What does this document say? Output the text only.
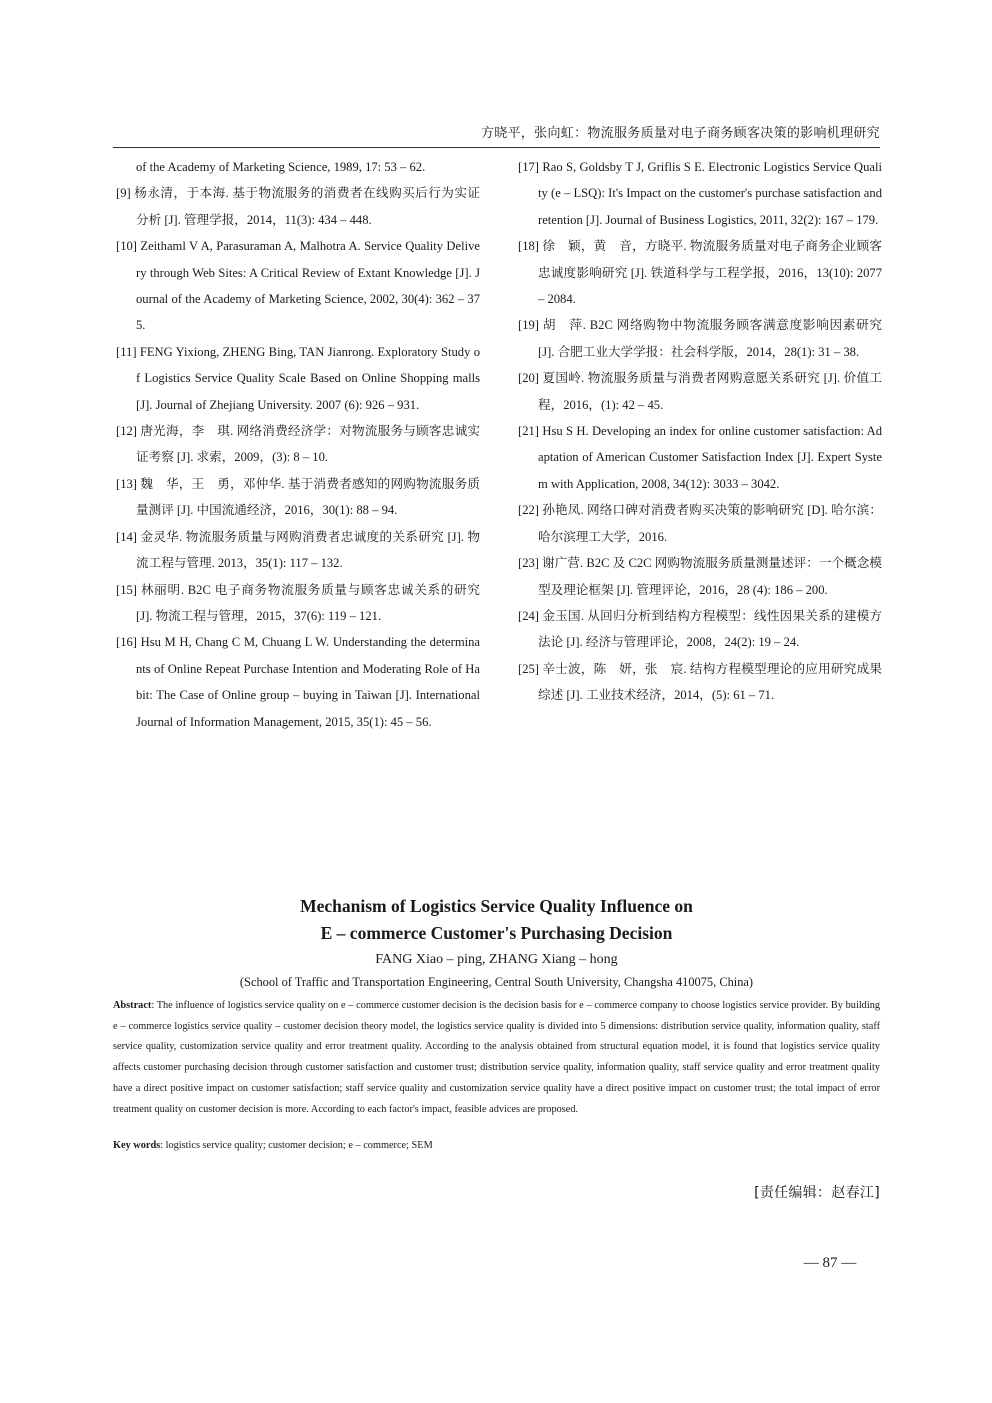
方晓平，张向虹：物流服务质量对电子商务顾客决策的影响机理研究
of the Academy of Marketing Science, 1989, 17: 53 – 62.
[9] 杨永清，于本海. 基于物流服务的消费者在线购买后行为实证分析 [J]. 管理学报，2014，11(3): 434 – 448.
[10] Zeithaml V A, Parasuraman A, Malhotra A. Service Quality Delivery through Web Sites: A Critical Review of Extant Knowledge [J]. Journal of the Academy of Marketing Science, 2002, 30(4): 362 – 375.
[11] FENG Yixiong, ZHENG Bing, TAN Jianrong. Exploratory Study of Logistics Service Quality Scale Based on Online Shopping malls [J]. Journal of Zhejiang University. 2007 (6): 926 – 931.
[12] 唐光海，李　琪. 网络消费经济学：对物流服务与顾客忠诚实证考察 [J]. 求索，2009，(3): 8 – 10.
[13] 魏　华，王　勇，邓仲华. 基于消费者感知的网购物流服务质量测评 [J]. 中国流通经济，2016，30(1): 88 – 94.
[14] 金灵华. 物流服务质量与网购消费者忠诚度的关系研究 [J]. 物流工程与管理. 2013，35(1): 117 – 132.
[15] 林丽明. B2C 电子商务物流服务质量与顾客忠诚关系的研究 [J]. 物流工程与管理，2015，37(6): 119 – 121.
[16] Hsu M H, Chang C M, Chuang L W. Understanding the determinants of Online Repeat Purchase Intention and Moderating Role of Habit: The Case of Online group – buying in Taiwan [J]. International Journal of Information Management, 2015, 35(1): 45 – 56.
[17] Rao S, Goldsby T J, Griflis S E. Electronic Logistics Service Quality (e – LSQ): It's Impact on the customer's purchase satisfaction and retention [J]. Journal of Business Logistics, 2011, 32(2): 167 – 179.
[18] 徐　颖，黄　音，方晓平. 物流服务质量对电子商务企业顾客忠诚度影响研究 [J]. 铁道科学与工程学报，2016，13(10): 2077 – 2084.
[19] 胡　萍. B2C 网络购物中物流服务顾客满意度影响因素研究 [J]. 合肥工业大学学报：社会科学版，2014，28(1): 31 – 38.
[20] 夏国岭. 物流服务质量与消费者网购意愿关系研究 [J]. 价值工程，2016，(1): 42 – 45.
[21] Hsu S H. Developing an index for online customer satisfaction: Adaptation of American Customer Satisfaction Index [J]. Expert System with Application, 2008, 34(12): 3033 – 3042.
[22] 孙艳凤. 网络口碑对消费者购买决策的影响研究 [D]. 哈尔滨：哈尔滨理工大学，2016.
[23] 谢广营. B2C 及 C2C 网购物流服务质量测量述评：一个概念模型及理论框架 [J]. 管理评论，2016，28 (4): 186 – 200.
[24] 金玉国. 从回归分析到结构方程模型：线性因果关系的建模方法论 [J]. 经济与管理评论，2008，24(2): 19 – 24.
[25] 辛士波，陈　妍，张　宸. 结构方程模型理论的应用研究成果综述 [J]. 工业技术经济，2014，(5): 61 – 71.
Mechanism of Logistics Service Quality Influence on
E – commerce Customer's Purchasing Decision
FANG Xiao – ping, ZHANG Xiang – hong
(School of Traffic and Transportation Engineering, Central South University, Changsha 410075, China)
Abstract: The influence of logistics service quality on e – commerce customer decision is the decision basis for e – commerce company to choose logistics service provider. By building e – commerce logistics service quality – customer decision theory model, the logistics service quality is divided into 5 dimensions: distribution service quality, information quality, staff service quality, customization service quality and error treatment quality. According to the analysis obtained from structural equation model, it is found that logistics service quality affects customer purchasing decision through customer satisfaction and customer trust; distribution service quality, information quality, staff service quality and error treatment quality have a direct positive impact on customer satisfaction; staff service quality and customization service quality have a direct positive impact on customer trust; the total impact of error treatment quality on customer decision is more. According to each factor's impact, feasible advices are proposed.
Key words: logistics service quality; customer decision; e – commerce; SEM
[责任编辑：赵春江]
— 87 —
